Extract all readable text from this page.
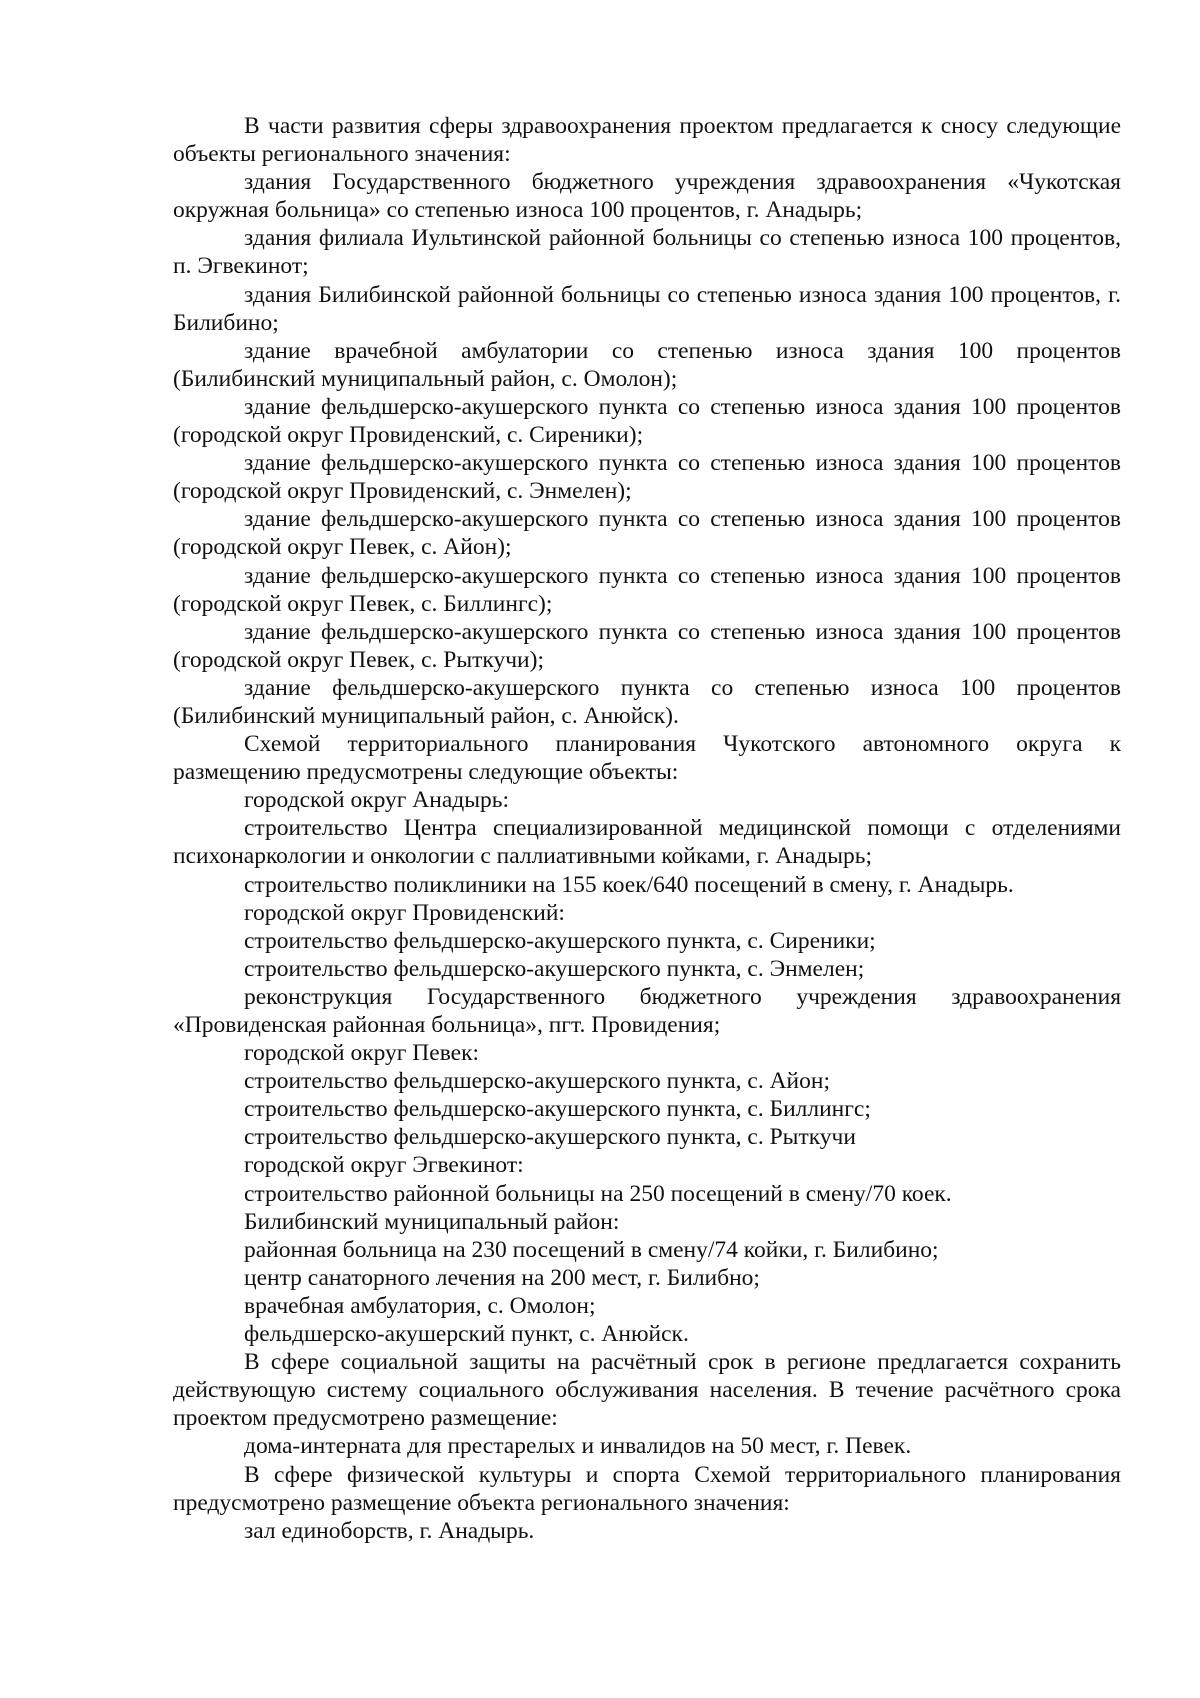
В части развития сферы здравоохранения проектом предлагается к сносу следующие объекты регионального значения:

здания Государственного бюджетного учреждения здравоохранения «Чукотская окружная больница» со степенью износа 100 процентов, г. Анадырь;

здания филиала Иультинской районной больницы со степенью износа 100 процентов, п. Эгвекинот;

здания Билибинской районной больницы со степенью износа здания 100 процентов, г. Билибино;

здание врачебной амбулатории со степенью износа здания 100 процентов (Билибинский муниципальный район, с. Омолон);

здание фельдшерско-акушерского пункта со степенью износа здания 100 процентов (городской округ Провиденский, с. Сиреники);

здание фельдшерско-акушерского пункта со степенью износа здания 100 процентов (городской округ Провиденский, с. Энмелен);

здание фельдшерско-акушерского пункта со степенью износа здания 100 процентов (городской округ Певек, с. Айон);

здание фельдшерско-акушерского пункта со степенью износа здания 100 процентов (городской округ Певек, с. Биллингс);

здание фельдшерско-акушерского пункта со степенью износа здания 100 процентов (городской округ Певек, с. Рыткучи);

здание фельдшерско-акушерского пункта со степенью износа 100 процентов (Билибинский муниципальный район, с. Анюйск).

Схемой территориального планирования Чукотского автономного округа к размещению предусмотрены следующие объекты:

городской округ Анадырь:

строительство Центра специализированной медицинской помощи с отделениями психонаркологии и онкологии с паллиативными койками, г. Анадырь;

строительство поликлиники на 155 коек/640 посещений в смену, г. Анадырь.

городской округ Провиденский:

строительство фельдшерско-акушерского пункта, с. Сиреники;

строительство фельдшерско-акушерского пункта, с. Энмелен;

реконструкция Государственного бюджетного учреждения здравоохранения «Провиденская районная больница», пгт. Провидения;

городской округ Певек:

строительство фельдшерско-акушерского пункта, с. Айон;

строительство фельдшерско-акушерского пункта, с. Биллингс;

строительство фельдшерско-акушерского пункта, с. Рыткучи

городской округ Эгвекинот:

строительство районной больницы на 250 посещений в смену/70 коек.

Билибинский муниципальный район:

районная больница на 230 посещений в смену/74 койки, г. Билибино;

центр санаторного лечения на 200 мест, г. Билибно;

врачебная амбулатория, с. Омолон;

фельдшерско-акушерский пункт, с. Анюйск.

В сфере социальной защиты на расчётный срок в регионе предлагается сохранить действующую систему социального обслуживания населения. В течение расчётного срока проектом предусмотрено размещение:

дома-интерната для престарелых и инвалидов на 50 мест, г. Певек.

В сфере физической культуры и спорта Схемой территориального планирования предусмотрено размещение объекта регионального значения:

зал единоборств, г. Анадырь.
